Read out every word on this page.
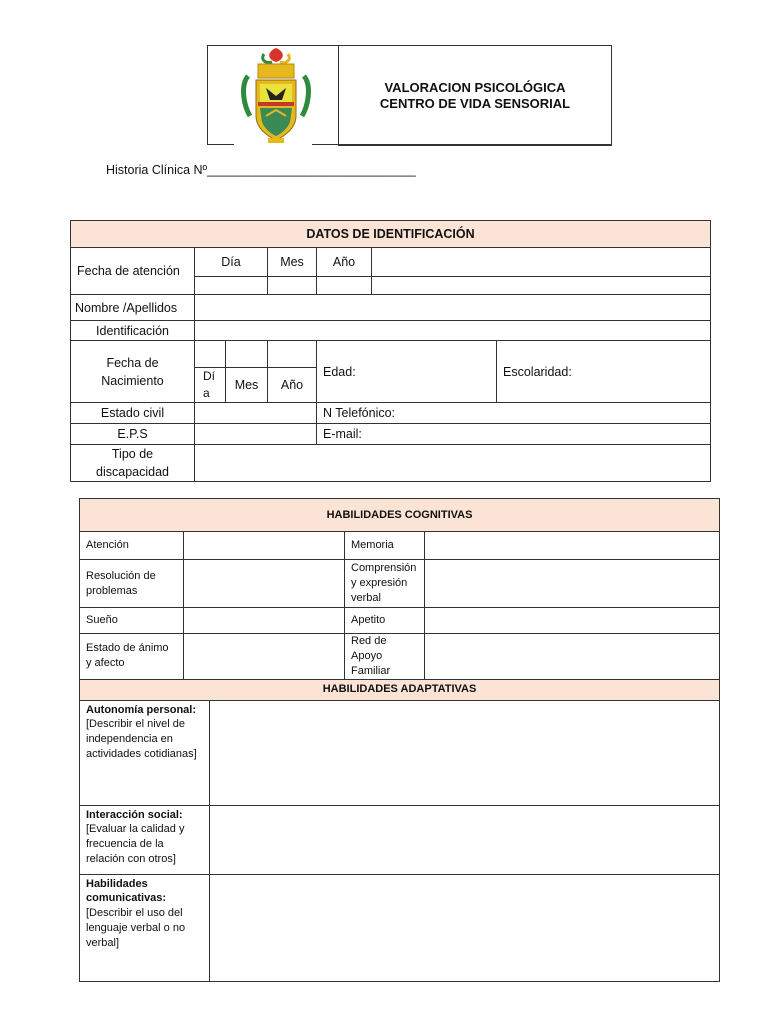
VALORACION PSICOLÓGICA
CENTRO DE VIDA SENSORIAL
Historia Clínica Nº______________________________
DATOS DE IDENTIFICACIÓN						
Fecha de atención	Día		Mes	Año		

Nombre /Apellidos						
Identificación						

Fecha de
Nacimiento				Edad:		Escolaridad:
	Dí a	Mes	Año			
Estado civil				N Telefónico:		
E.P.S				E-mail:		

Tipo de
discapacidad						

HABILIDADES COGNITIVAS				
Atención			Memoria	
Resolución de problemas			Comprensión y expresión verbal	
Sueño			Apetito	
Estado de ánimo y afecto			Red de Apoyo Familiar	
HABILIDADES ADAPTATIVAS				
Autonomía personal: [Describir el nivel de independencia en actividades cotidianas]				
Interacción social: [Evaluar la calidad y frecuencia de la relación con otros]				
Habilidades comunicativas: [Describir el uso del lenguaje verbal o no verbal]				
